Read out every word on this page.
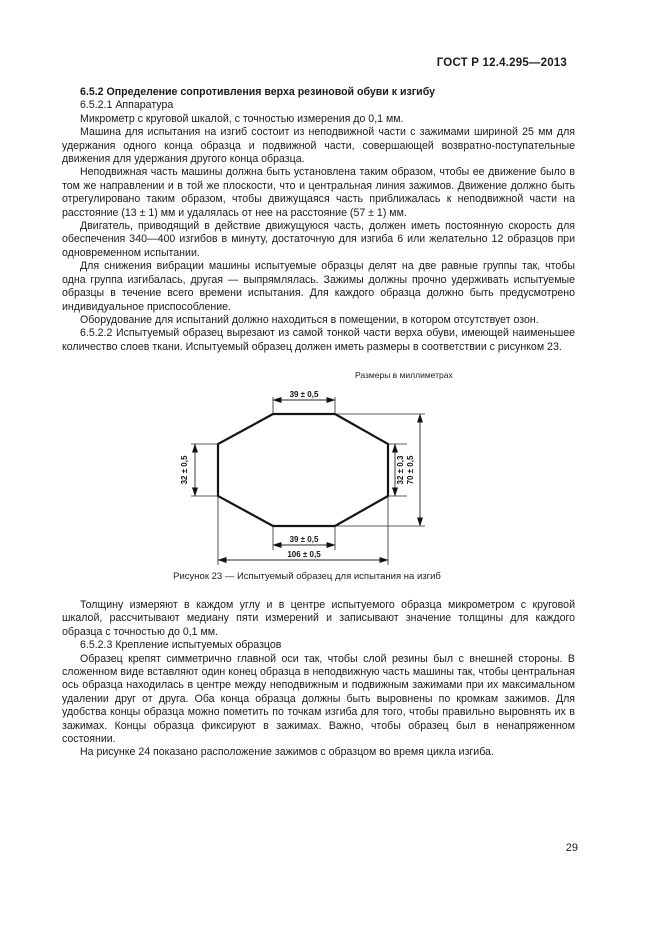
ГОСТ Р 12.4.295—2013

6.5.2 Определение сопротивления верха резиновой обуви к изгибу

6.5.2.1 Аппаратура

Микрометр с круговой шкалой, с точностью измерения до 0,1 мм.

Машина для испытания на изгиб состоит из неподвижной части с зажимами шириной 25 мм для удержания одного конца образца и подвижной части, совершающей возвратно-поступательные движения для удержания другого конца образца.

Неподвижная часть машины должна быть установлена таким образом, чтобы ее движение было в том же направлении и в той же плоскости, что и центральная линия зажимов. Движение должно быть отрегулировано таким образом, чтобы движущаяся часть приближалась к неподвижной части на расстояние (13 ± 1) мм и удалялась от нее на расстояние (57 ± 1) мм.

Двигатель, приводящий в действие движущуюся часть, должен иметь постоянную скорость для обеспечения 340—400 изгибов в минуту, достаточную для изгиба 6 или желательно 12 образцов при одновременном испытании.

Для снижения вибрации машины испытуемые образцы делят на две равные группы так, чтобы одна группа изгибалась, другая — выпрямлялась. Зажимы должны прочно удерживать испытуемые образцы в течение всего времени испытания. Для каждого образца должно быть предусмотрено индивидуальное приспособление.

Оборудование для испытаний должно находиться в помещении, в котором отсутствует озон.

6.5.2.2 Испытуемый образец вырезают из самой тонкой части верха обуви, имеющей наименьшее количество слоев ткани. Испытуемый образец должен иметь размеры в соответствии с рисунком 23.

Размеры в миллиметрах
39 ± 0,5
32 ± 0,5	32 ± 0,3 70 ± 0,5
39 ± 0,5
106 ± 0,5
Рисунок 23 — Испытуемый образец для испытания на изгиб

Толщину измеряют в каждом углу и в центре испытуемого образца микрометром с круговой шкалой, рассчитывают медиану пяти измерений и записывают значение толщины для каждого образца с точностью до 0,1 мм.

6.5.2.3 Крепление испытуемых образцов

Образец крепят симметрично главной оси так, чтобы слой резины был с внешней стороны. В сложенном виде вставляют один конец образца в неподвижную часть машины так, чтобы центральная ось образца находилась в центре между неподвижным и подвижным зажимами при их максимальном удалении друг от друга. Оба конца образца должны быть выровнены по кромкам зажимов. Для удобства концы образца можно пометить по точкам изгиба для того, чтобы правильно выровнять их в зажимах. Концы образца фиксируют в зажимах. Важно, чтобы образец был в ненапряженном состоянии.

На рисунке 24 показано расположение зажимов с образцом во время цикла изгиба.

29
